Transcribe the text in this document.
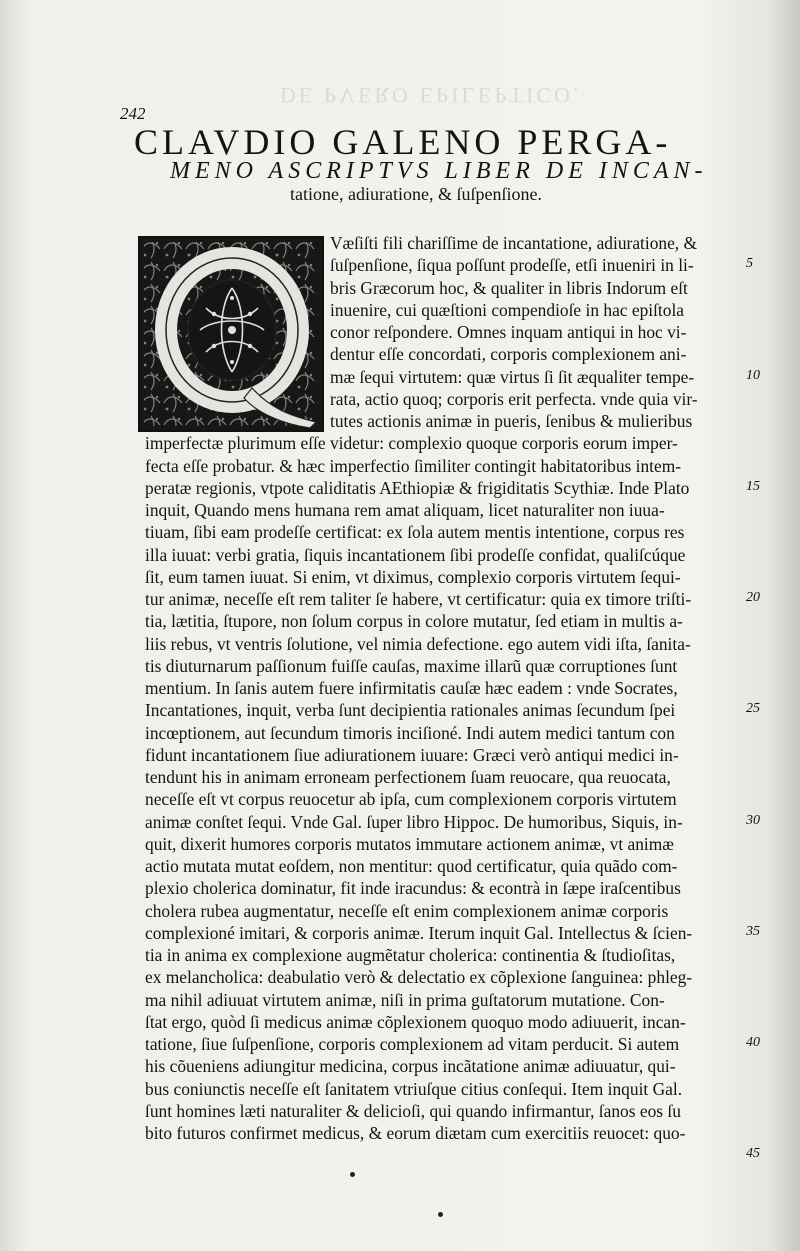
DE PVERO EPILEPTICO.
242
CLAVDIO GALENO PERGA-
MENO ASCRIPTVS LIBER DE INCAN-
tatione, adiuratione, & ſuſpenſione.
Væſiſti fili chariſſime de incantatione, adiuratione, &
ſuſpenſione, ſiqua poſſunt prodeſſe, etſi inueniri in li-
bris Græcorum hoc, & qualiter in libris Indorum eſt
inuenire, cui quæſtioni compendioſe in hac epiſtola
conor reſpondere. Omnes inquam antiqui in hoc vi-
dentur eſſe concordati, corporis complexionem ani-
mæ ſequi virtutem: quæ virtus ſi ſit æqualiter tempe-
rata, actio quoq; corporis erit perfecta. vnde quia vir-
tutes actionis animæ in pueris, ſenibus & mulieribus
imperfectæ plurimum eſſe videtur: complexio quoque corporis eorum imper-
fecta eſſe probatur. & hæc imperfectio ſimiliter contingit habitatoribus intem-
peratæ regionis, vtpote caliditatis AEthiopiæ & frigiditatis Scythiæ. Inde Plato
inquit, Quando mens humana rem amat aliquam, licet naturaliter non iuua-
tiuam, ſibi eam prodeſſe certificat: ex ſola autem mentis intentione, corpus res
illa iuuat: verbi gratia, ſiquis incantationem ſibi prodeſſe confidat, qualiſcúque
ſit, eum tamen iuuat. Si enim, vt diximus, complexio corporis virtutem ſequi-
tur animæ, neceſſe eſt rem taliter ſe habere, vt certificatur: quia ex timore triſti-
tia, lætitia, ſtupore, non ſolum corpus in colore mutatur, ſed etiam in multis a-
liis rebus, vt ventris ſolutione, vel nimia defectione. ego autem vidi iſta, ſanita-
tis diuturnarum paſſionum fuiſſe cauſas, maxime illarũ quæ corruptiones ſunt
mentium. In ſanis autem fuere infirmitatis cauſæ hæc eadem : vnde Socrates,
Incantationes, inquit, verba ſunt decipientia rationales animas ſecundum ſpei
incœptionem, aut ſecundum timoris inciſioné. Indi autem medici tantum con
fidunt incantationem ſiue adiurationem iuuare: Græci verò antiqui medici in-
tendunt his in animam erroneam perfectionem ſuam reuocare, qua reuocata,
neceſſe eſt vt corpus reuocetur ab ipſa, cum complexionem corporis virtutem
animæ conſtet ſequi. Vnde Gal. ſuper libro Hippoc. De humoribus, Siquis, in-
quit, dixerit humores corporis mutatos immutare actionem animæ, vt animæ
actio mutata mutat eoſdem, non mentitur: quod certificatur, quia quãdo com-
plexio cholerica dominatur, fit inde iracundus: & econtrà in ſæpe iraſcentibus
cholera rubea augmentatur, neceſſe eſt enim complexionem animæ corporis
complexioné imitari, & corporis animæ. Iterum inquit Gal. Intellectus & ſcien-
tia in anima ex complexione augmẽtatur cholerica: continentia & ſtudioſitas,
ex melancholica: deabulatio verò & delectatio ex cõplexione ſanguinea: phleg-
ma nihil adiuuat virtutem animæ, niſi in prima guſtatorum mutatione. Con-
ſtat ergo, quòd ſi medicus animæ cõplexionem quoquo modo adiuuerit, incan-
tatione, ſiue ſuſpenſione, corporis complexionem ad vitam perducit. Si autem
his cõueniens adiungitur medicina, corpus incãtatione animæ adiuuatur, qui-
bus coniunctis neceſſe eſt ſanitatem vtriuſque citius conſequi. Item inquit Gal.
ſunt homines læti naturaliter & delicioſi, qui quando infirmantur, ſanos eos ſu
bito futuros confirmet medicus, & eorum diætam cum exercitiis reuocet: quo-
5
10
15
20
25
30
35
40
45
